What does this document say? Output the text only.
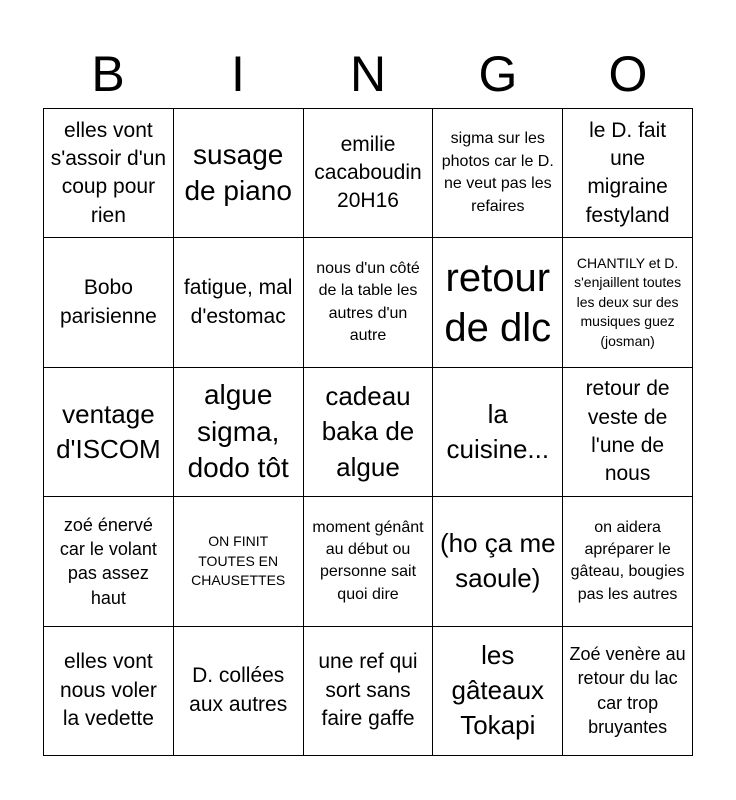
B	I	N	G	O
elles vont s'assoir d'un coup pour rien
susage de piano
emilie cacaboudin 20H16
sigma sur les photos car le D. ne veut pas les refaires
le D. fait une migraine festyland
Bobo parisienne
fatigue, mal d'estomac
nous d'un côté de la table les autres d'un autre
retour de dlc
CHANTILY et D. s'enjaillent toutes les deux sur des musiques guez (josman)
ventage d'ISCOM
algue sigma, dodo tôt
cadeau baka de algue
la cuisine...
retour de veste de l'une de nous
zoé énervé car le volant pas assez haut
ON FINIT TOUTES EN CHAUSETTES
moment génânt au début ou personne sait quoi dire
(ho ça me saoule)
on aidera apréparer le gâteau, bougies pas les autres
elles vont nous voler la vedette
D. collées aux autres
une ref qui sort sans faire gaffe
les gâteaux Tokapi
Zoé venère au retour du lac car trop bruyantes
